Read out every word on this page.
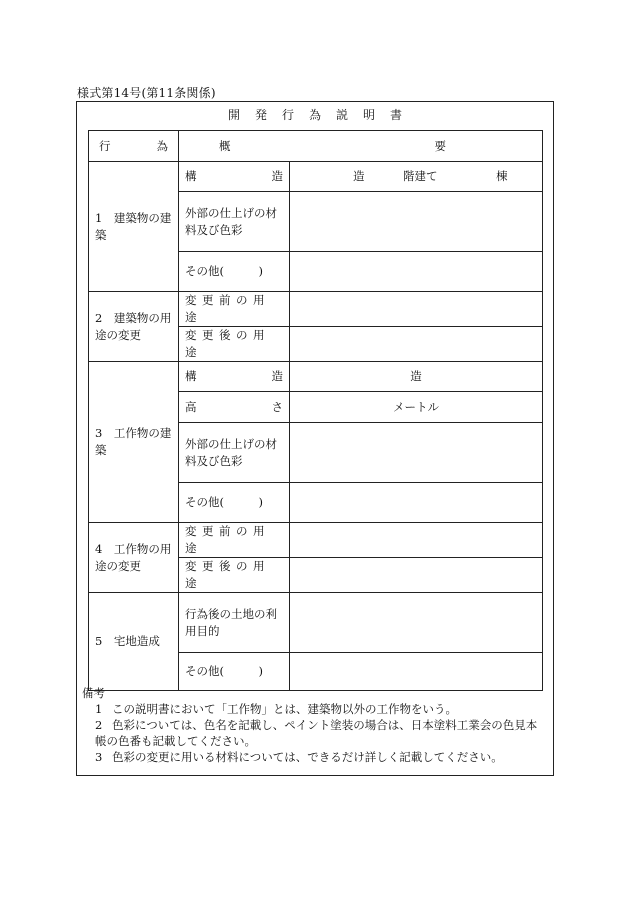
様式第14号(第11条関係)
開発行為説明書
行 為	概 要	

1　建築物の建築	構 造	造 階建て 棟

	外部の仕上げの材料及び色彩	
	その他(　　　)	
2　建築物の用途の変更	変更前の用途	
	変更後の用途	
3　工作物の建築	構 造	造

	高 さ	メートル
	外部の仕上げの材料及び色彩	
	その他(　　　)	
4　工作物の用途の変更	変更前の用途	
	変更後の用途	
5　宅地造成	行為後の土地の利用目的	
	その他(　　　)	
備考
1 この説明書において「工作物」とは、建築物以外の工作物をいう。
2 色彩については、色名を記載し、ペイント塗装の場合は、日本塗料工業会の色見本帳の色番も記載してください。
3 色彩の変更に用いる材料については、できるだけ詳しく記載してください。
